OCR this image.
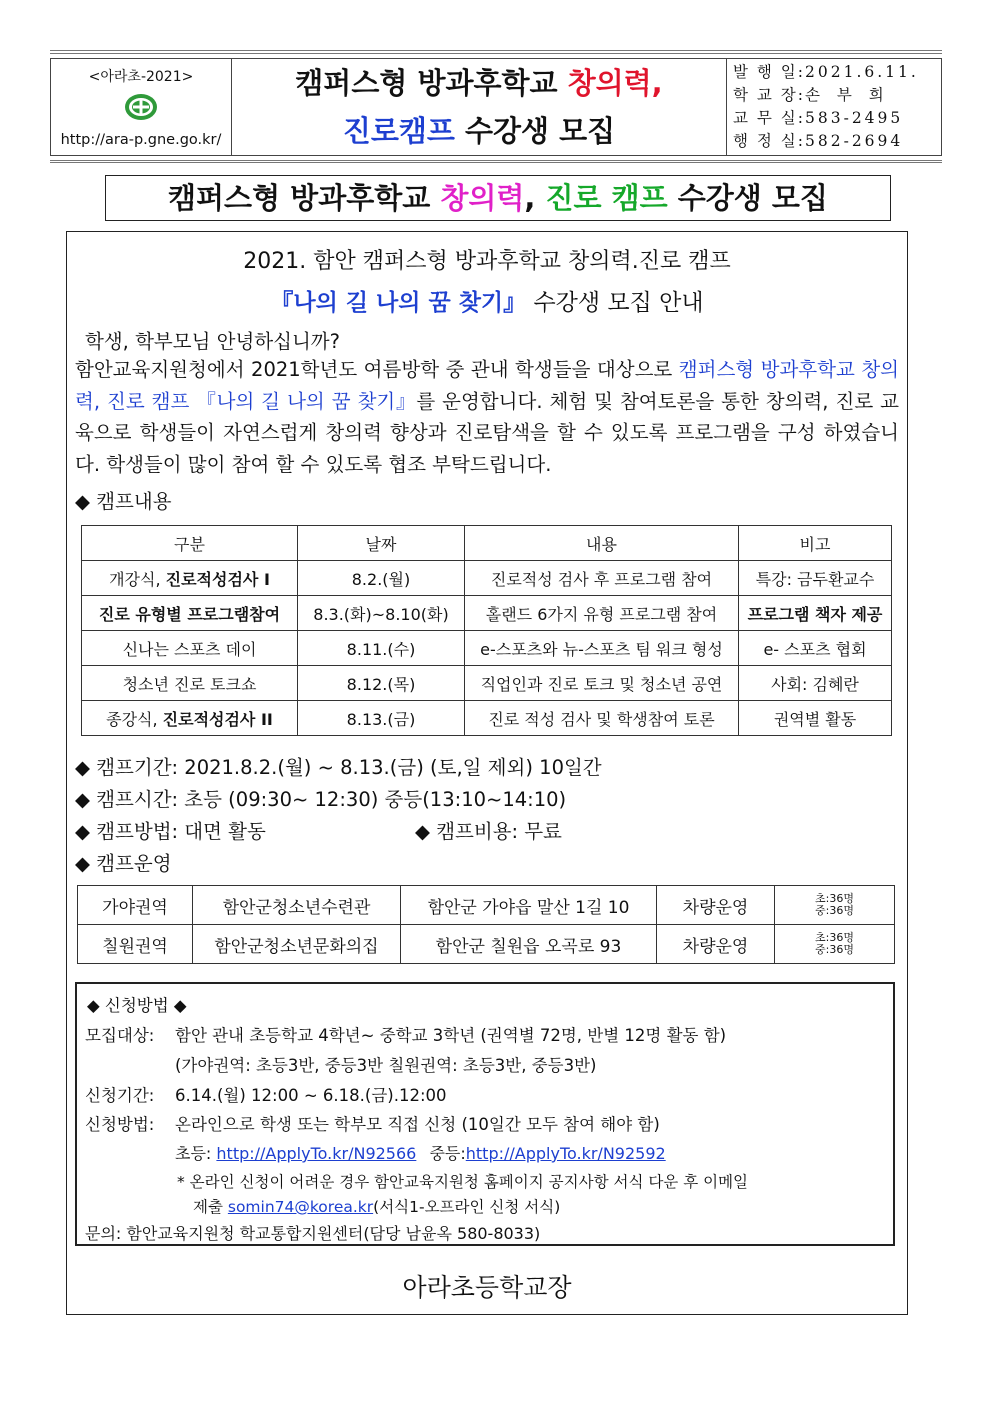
<아라초-2021>
http://ara-p.gne.go.kr/

캠퍼스형 방과후학교 창의력,
진로캠프 수강생 모집

발 행 일: 2021.6.11.
학 교 장: 손 부 희
교 무 실: 583-2495
행 정 실: 582-2694
캠퍼스형 방과후학교 창의력, 진로 캠프 수강생 모집
2021. 함안 캠퍼스형 방과후학교 창의력.진로 캠프
『나의 길 나의 꿈 찾기』 수강생 모집 안내
학생, 학부모님 안녕하십니까?
함안교육지원청에서 2021학년도 여름방학 중 관내 학생들을 대상으로 캠퍼스형 방과후학교 창의력, 진로 캠프 『나의 길 나의 꿈 찾기』를 운영합니다. 체험 및 참여토론을 통한 창의력, 진로 교육으로 학생들이 자연스럽게 창의력 향상과 진로탐색을 할 수 있도록 프로그램을 구성 하였습니다. 학생들이 많이 참여 할 수 있도록 협조 부탁드립니다.
◆ 캠프내용
구분	날짜	내용	비고
개강식, 진로적성검사 I	8.2.(월)	진로적성 검사 후 프로그램 참여	특강: 금두환교수
진로 유형별 프로그램참여	8.3.(화)~8.10(화)	홀랜드 6가지 유형 프로그램 참여	프로그램 책자 제공
신나는 스포츠 데이	8.11.(수)	e-스포츠와 뉴-스포츠 팀 워크 형성	e- 스포츠 협회
청소년 진로 토크쇼	8.12.(목)	직업인과 진로 토크 및 청소년 공연	사회: 김혜란
종강식, 진로적성검사 II	8.13.(금)	진로 적성 검사 및 학생참여 토론	권역별 활동
◆ 캠프기간: 2021.8.2.(월) ~ 8.13.(금) (토,일 제외) 10일간
◆ 캠프시간: 초등 (09:30~ 12:30) 중등(13:10~14:10)
◆ 캠프방법: 대면 활동	◆ 캠프비용: 무료
◆ 캠프운영
가야권역	함안군청소년수련관	함안군 가야읍 말산 1길 10	차량운영	초:36명
중:36명

칠원권역	함안군청소년문화의집	함안군 칠원읍 오곡로 93	차량운영	초:36명
중:36명
◆ 신청방법 ◆
모집대상: 함안 관내 초등학교 4학년~ 중학교 3학년 (권역별 72명, 반별 12명 활동 함)
(가야권역: 초등3반, 중등3반 칠원권역: 초등3반, 중등3반)
신청기간: 6.14.(월) 12:00 ~ 6.18.(금).12:00
신청방법: 온라인으로 학생 또는 학부모 직접 신청 (10일간 모두 참여 해야 함)
초등: http://ApplyTo.kr/N92566 중등:http://ApplyTo.kr/N92592
* 온라인 신청이 어려운 경우 함안교육지원청 홈페이지 공지사항 서식 다운 후 이메일
제출 somin74@korea.kr(서식1-오프라인 신청 서식)
문의: 함안교육지원청 학교통합지원센터(담당 남윤옥 580-8033)
아라초등학교장
